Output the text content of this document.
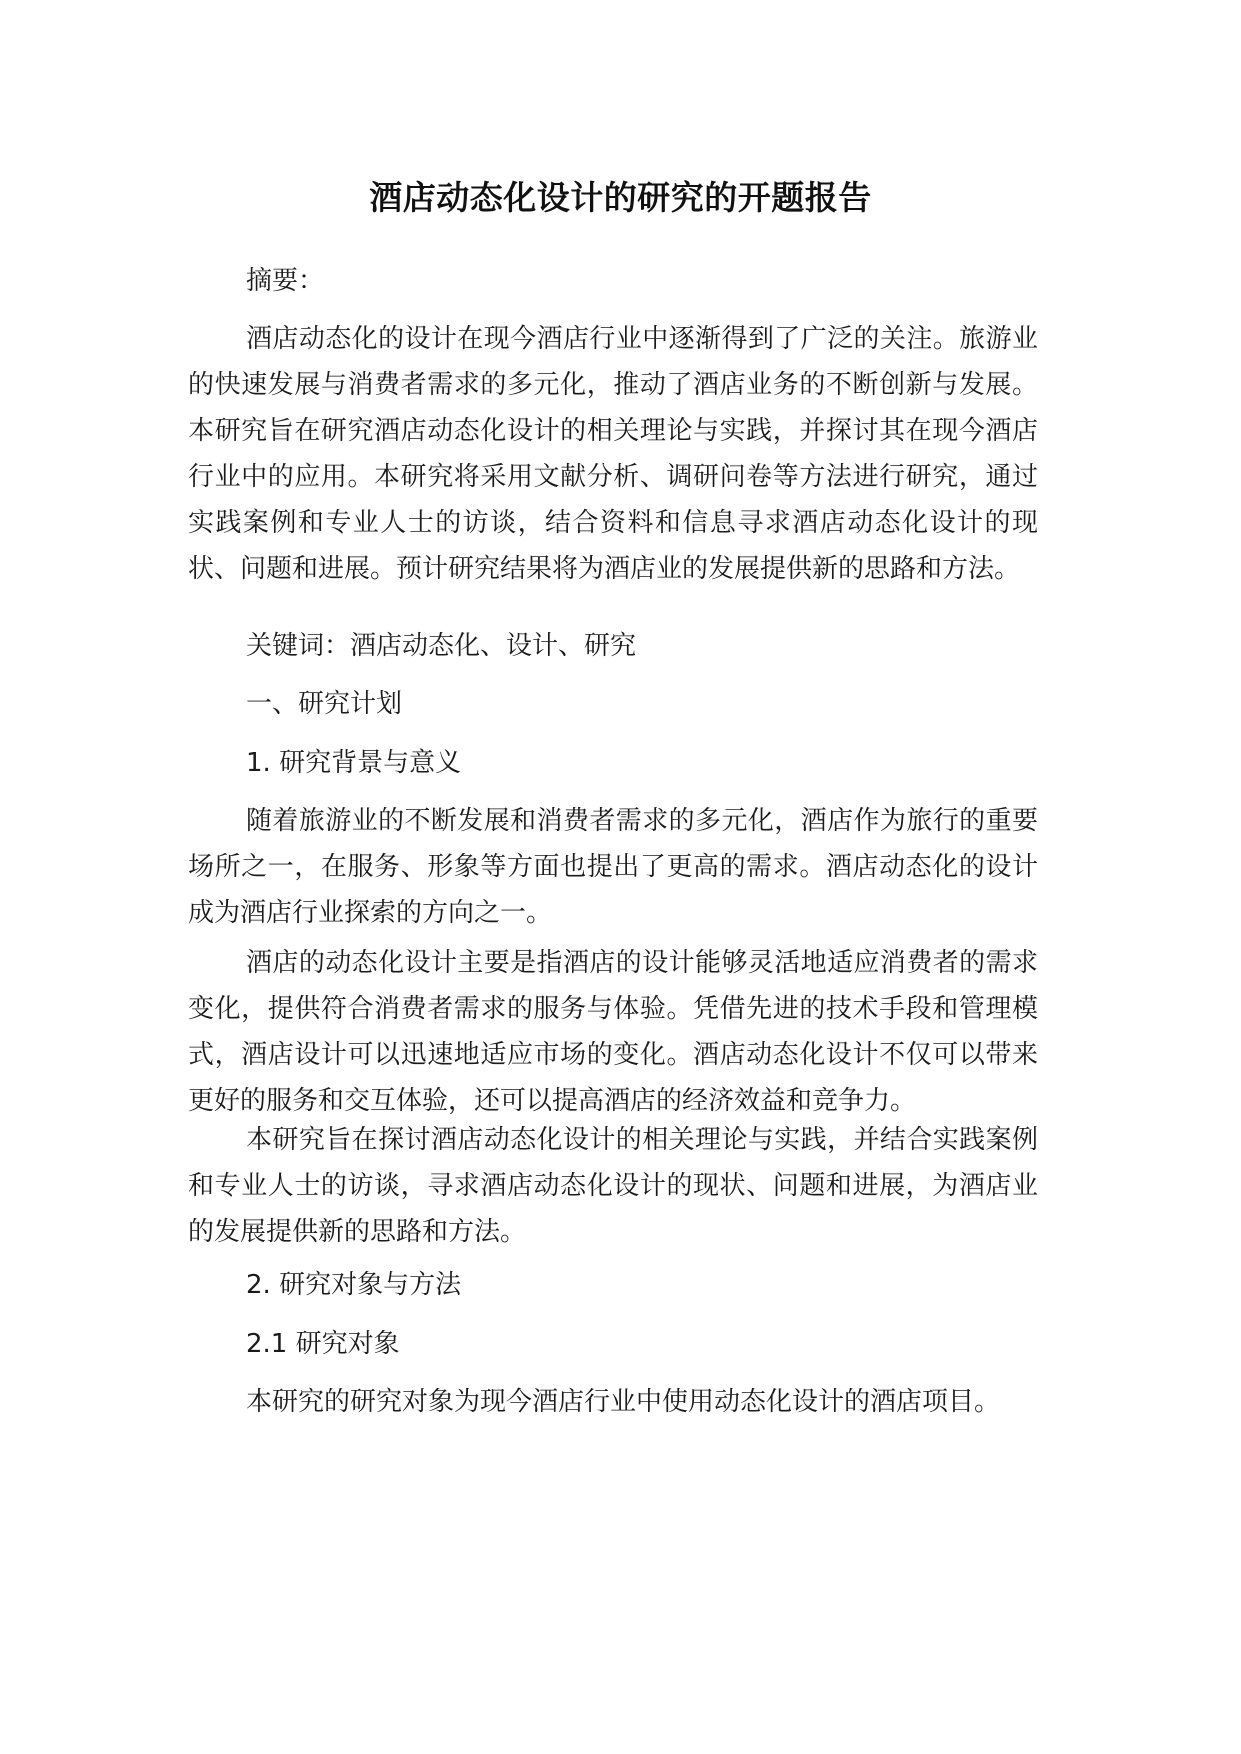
酒店动态化设计的研究的开题报告

摘要：

酒店动态化的设计在现今酒店行业中逐渐得到了广泛的关注。旅游业的快速发展与消费者需求的多元化，推动了酒店业务的不断创新与发展。本研究旨在研究酒店动态化设计的相关理论与实践，并探讨其在现今酒店行业中的应用。本研究将采用文献分析、调研问卷等方法进行研究，通过实践案例和专业人士的访谈，结合资料和信息寻求酒店动态化设计的现状、问题和进展。预计研究结果将为酒店业的发展提供新的思路和方法。

关键词：酒店动态化、设计、研究

一、研究计划

1. 研究背景与意义

随着旅游业的不断发展和消费者需求的多元化，酒店作为旅行的重要场所之一，在服务、形象等方面也提出了更高的需求。酒店动态化的设计成为酒店行业探索的方向之一。

酒店的动态化设计主要是指酒店的设计能够灵活地适应消费者的需求变化，提供符合消费者需求的服务与体验。凭借先进的技术手段和管理模式，酒店设计可以迅速地适应市场的变化。酒店动态化设计不仅可以带来更好的服务和交互体验，还可以提高酒店的经济效益和竞争力。

本研究旨在探讨酒店动态化设计的相关理论与实践，并结合实践案例和专业人士的访谈，寻求酒店动态化设计的现状、问题和进展，为酒店业的发展提供新的思路和方法。

2. 研究对象与方法

2.1 研究对象

本研究的研究对象为现今酒店行业中使用动态化设计的酒店项目。
